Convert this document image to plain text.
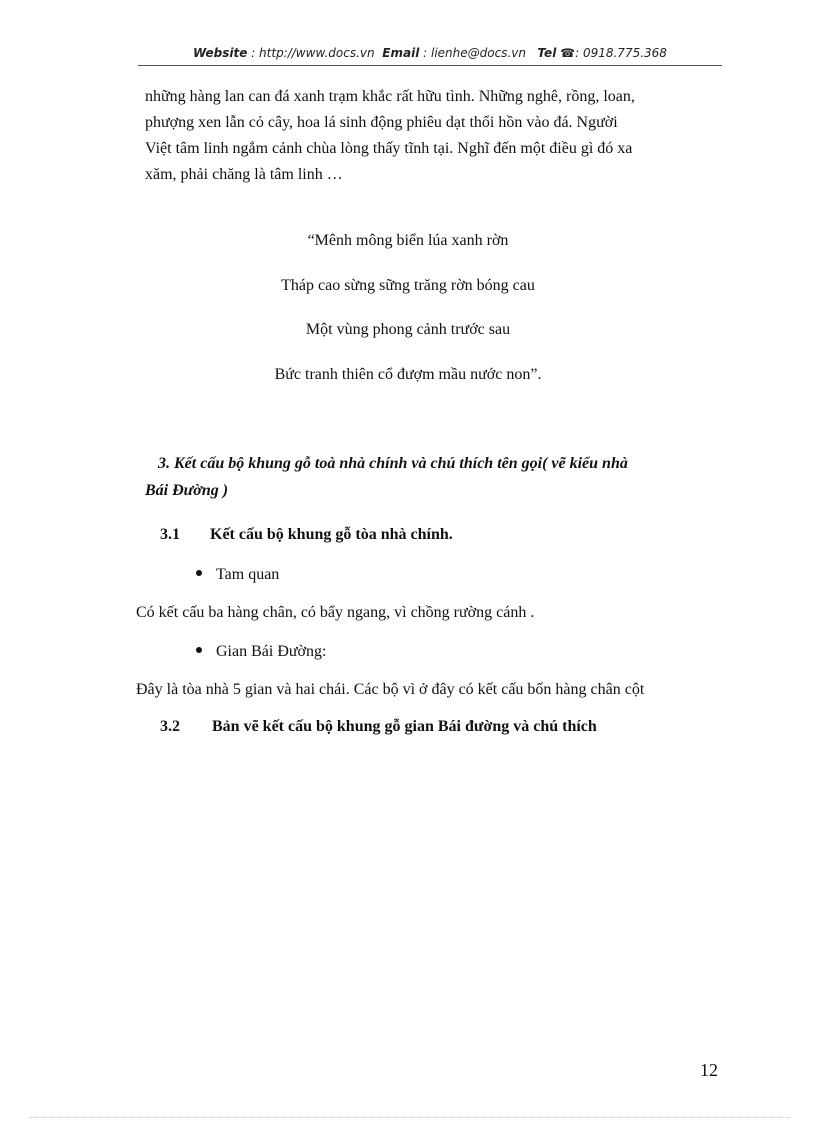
Website : http://www.docs.vn Email : lienhe@docs.vn Tel ☎: 0918.775.368
những hàng lan can đá xanh trạm khắc rất hữu tình. Những nghê, rồng, loan,
phượng xen lẫn cỏ cây, hoa lá sinh động phiêu dạt thổi hồn vào đá. Người
Việt tâm linh ngắm cảnh chùa lòng thấy tĩnh tại. Nghĩ đến một điều gì đó xa
xăm, phải chăng là tâm linh …
“Mênh mông biển lúa xanh rờn
Tháp cao sừng sững trăng rờn bóng cau
Một vùng phong cảnh trước sau
Bức tranh thiên cổ đượm mầu nước non”.
3. Kết cấu bộ khung gỗ toà nhà chính và chú thích tên gọi( vẽ kiểu nhà
Bái Đường )
3.1 Kết cấu bộ khung gỗ tòa nhà chính.
Tam quan
Có kết cấu ba hàng chân, có bẩy ngang, vì chồng rường cánh .
Gian Bái Đường:
Đây là tòa nhà 5 gian và hai chái. Các bộ vì ở đây có kết cấu bốn hàng chân cột
3.2 Bản vẽ kết cấu bộ khung gỗ gian Bái đường và chú thích
12
